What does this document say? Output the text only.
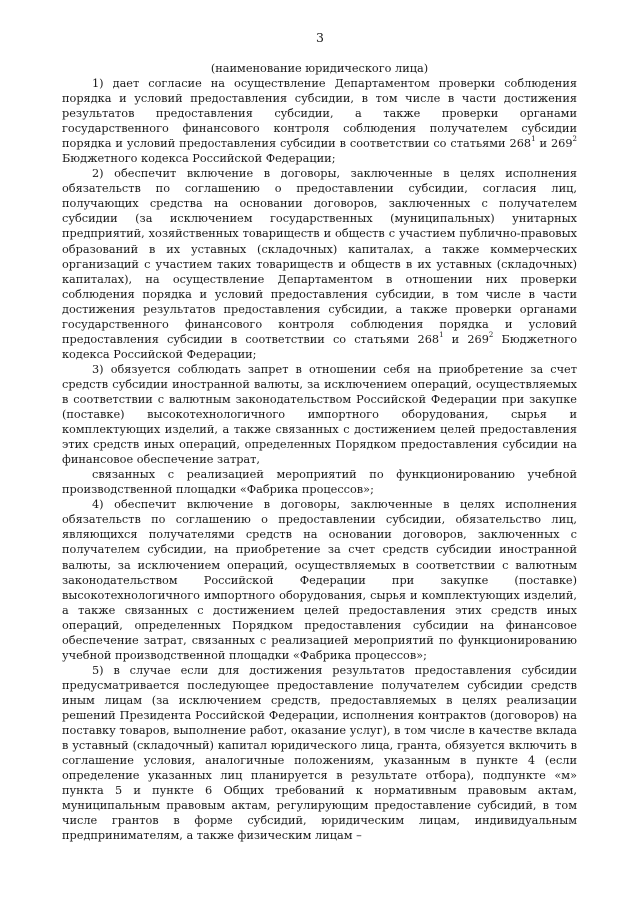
3
(наименование юридического лица)

1) дает согласие на осуществление Департаментом проверки соблюдения порядка и условий предоставления субсидии, в том числе в части достижения результатов предоставления субсидии, а также проверки органами государственного финансового контроля соблюдения получателем субсидии порядка и условий предоставления субсидии в соответствии со статьями $268^1$ и $269^2$ Бюджетного кодекса Российской Федерации;

2) обеспечит включение в договоры, заключенные в целях исполнения обязательств по соглашению о предоставлении субсидии, согласия лиц, получающих средства на основании договоров, заключенных с получателем субсидии (за исключением государственных (муниципальных) унитарных предприятий, хозяйственных товариществ и обществ с участием публично-правовых образований в их уставных (складочных) капиталах, а также коммерческих организаций с участием таких товариществ и обществ в их уставных (складочных) капиталах), на осуществление Департаментом в отношении них проверки соблюдения порядка и условий предоставления субсидии, в том числе в части достижения результатов предоставления субсидии, а также проверки органами государственного финансового контроля соблюдения порядка и условий предоставления субсидии в соответствии со статьями $268^1$ и $269^2$ Бюджетного кодекса Российской Федерации;

3) обязуется соблюдать запрет в отношении себя на приобретение за счет средств субсидии иностранной валюты, за исключением операций, осуществляемых в соответствии с валютным законодательством Российской Федерации при закупке (поставке) высокотехнологичного импортного оборудования, сырья и комплектующих изделий, а также связанных с достижением целей предоставления этих средств иных операций, определенных Порядком предоставления субсидии на финансовое обеспечение затрат,

связанных с реализацией мероприятий по функционированию учебной производственной площадки «Фабрика процессов»;

4) обеспечит включение в договоры, заключенные в целях исполнения обязательств по соглашению о предоставлении субсидии, обязательство лиц, являющихся получателями средств на основании договоров, заключенных с получателем субсидии, на приобретение за счет средств субсидии иностранной валюты, за исключением операций, осуществляемых в соответствии с валютным законодательством Российской Федерации при закупке (поставке) высокотехнологичного импортного оборудования, сырья и комплектующих изделий, а также связанных с достижением целей предоставления этих средств иных операций, определенных Порядком предоставления субсидии на финансовое обеспечение затрат, связанных с реализацией мероприятий по функционированию учебной производственной площадки «Фабрика процессов»;

5) в случае если для достижения результатов предоставления субсидии предусматривается последующее предоставление получателем субсидии средств иным лицам (за исключением средств, предоставляемых в целях реализации решений Президента Российской Федерации, исполнения контрактов (договоров) на поставку товаров, выполнение работ, оказание услуг), в том числе в качестве вклада в уставный (складочный) капитал юридического лица, гранта, обязуется включить в соглашение условия, аналогичные положениям, указанным в пункте 4 (если определение указанных лиц планируется в результате отбора), подпункте «м» пункта 5 и пункте 6 Общих требований к нормативным правовым актам, муниципальным правовым актам, регулирующим предоставление субсидий, в том числе грантов в форме субсидий, юридическим лицам, индивидуальным предпринимателям, а также физическим лицам –
